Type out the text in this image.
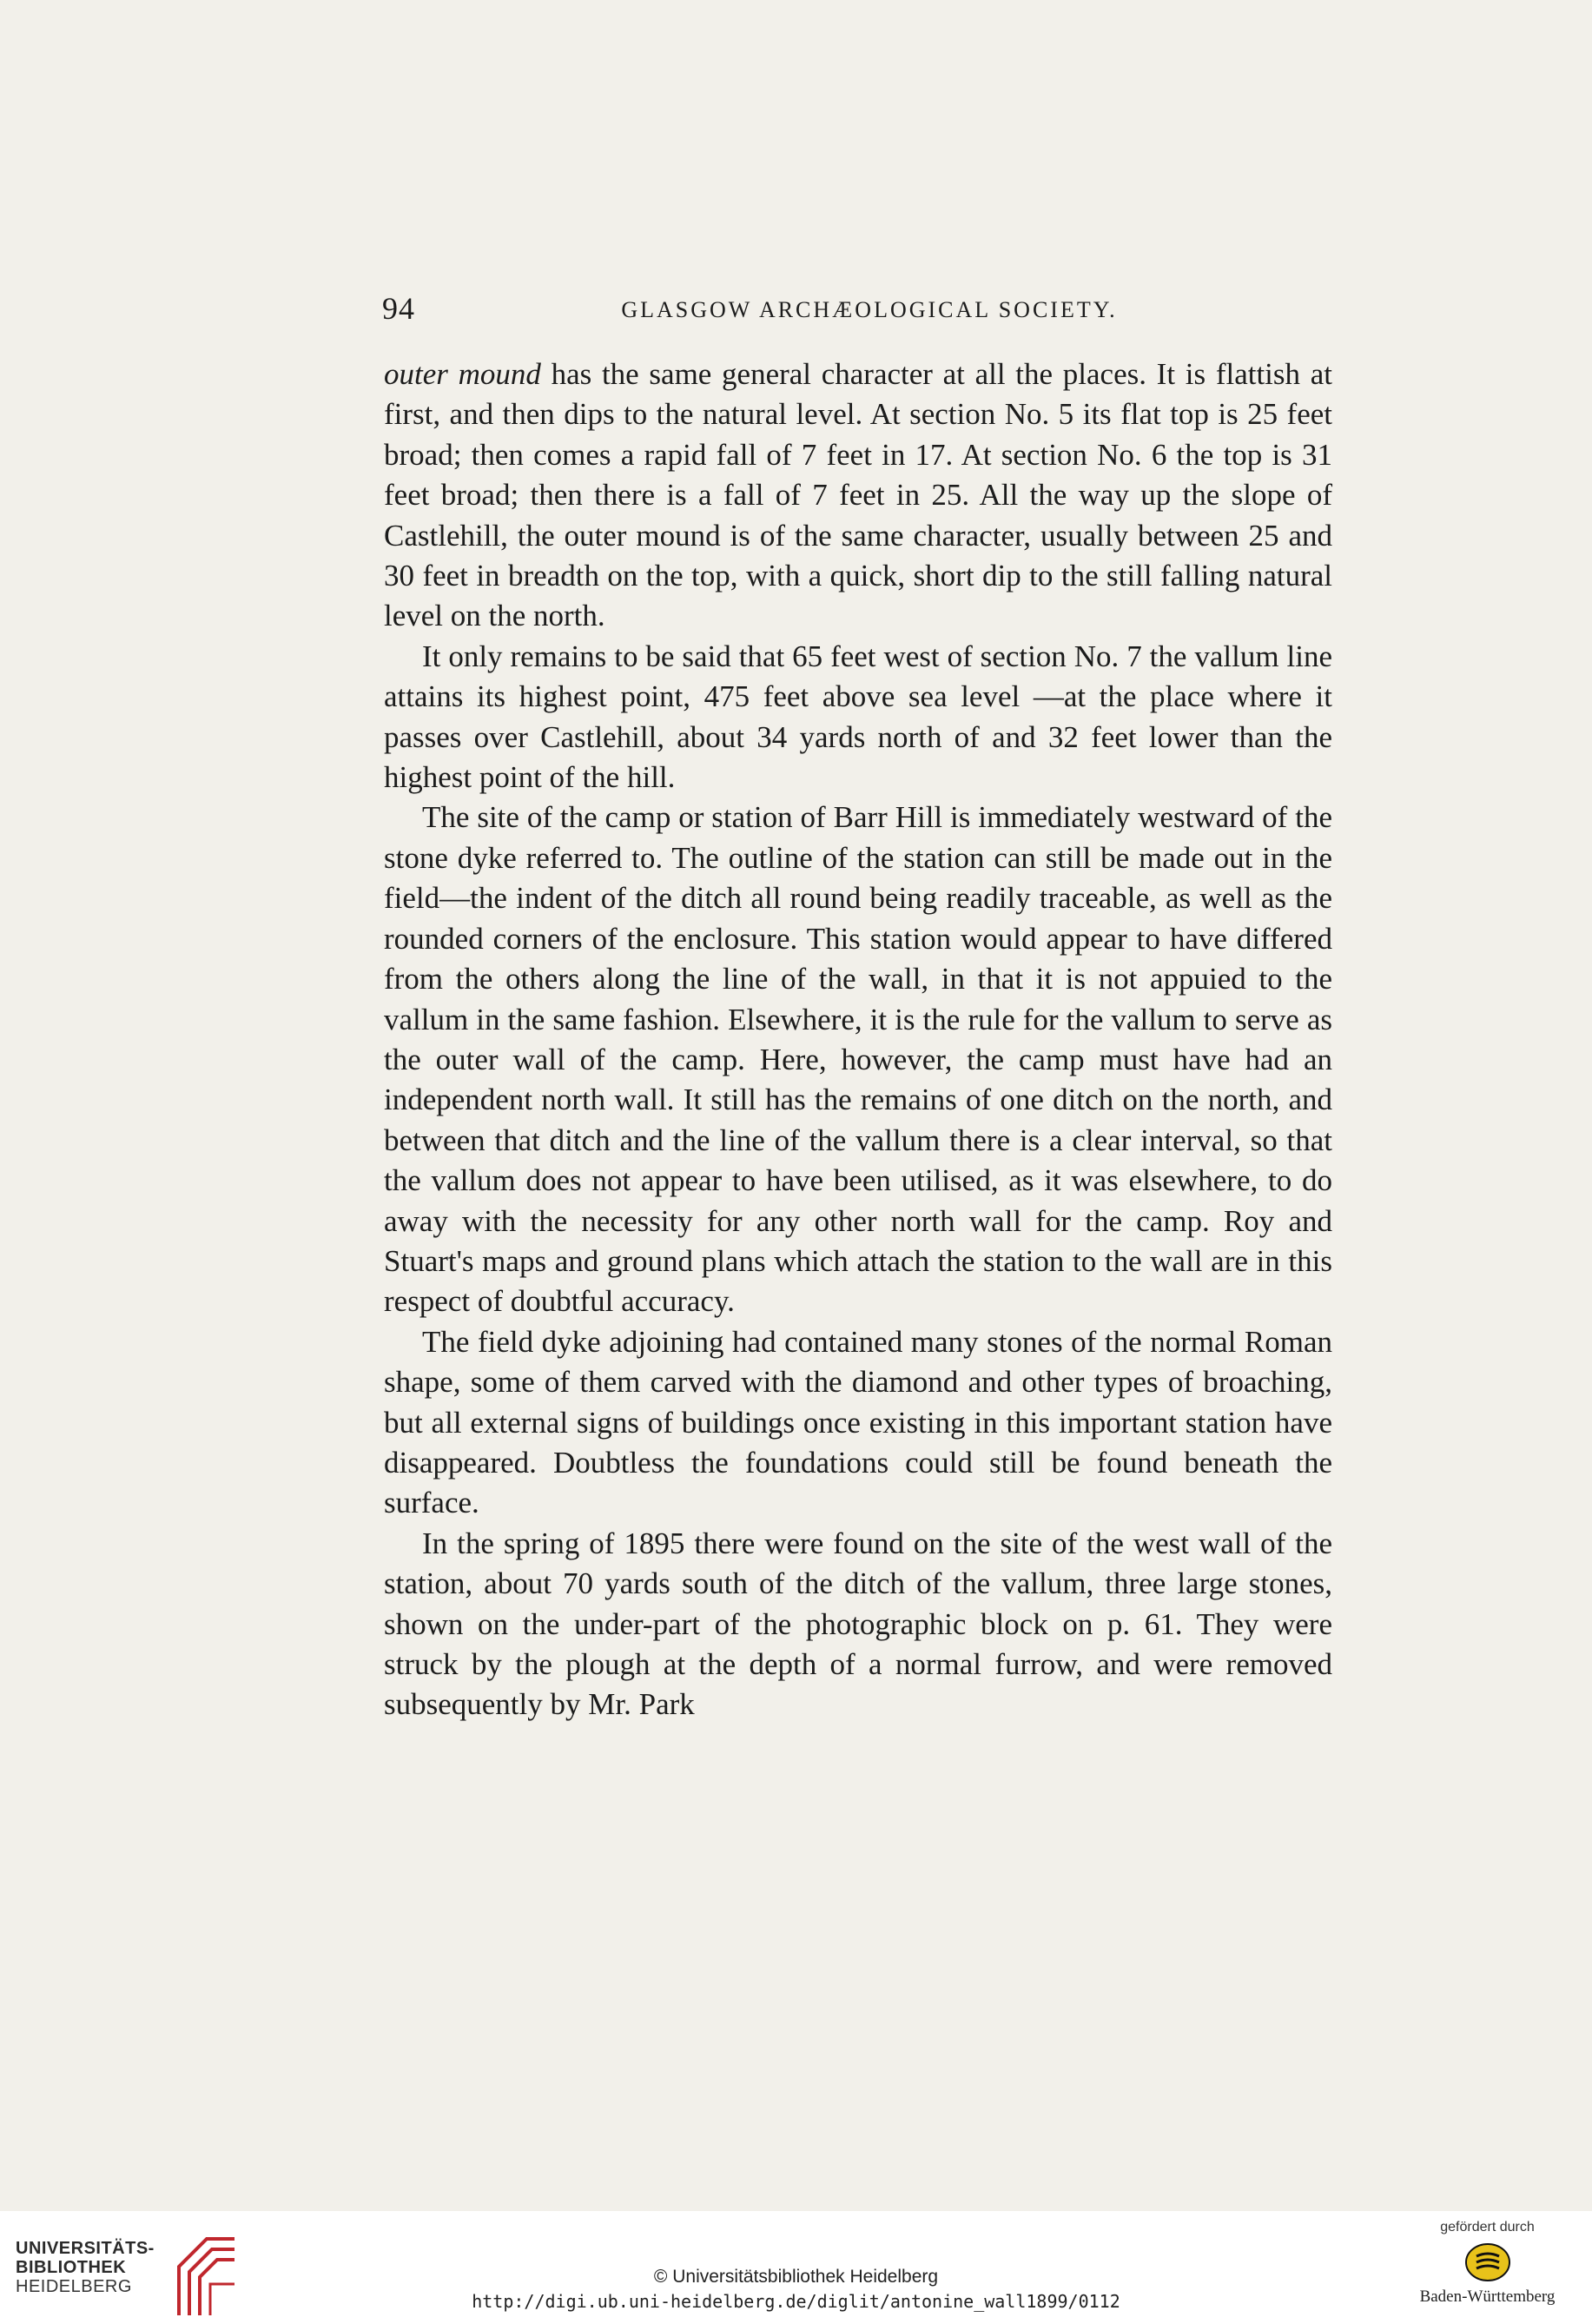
94	GLASGOW ARCHÆOLOGICAL SOCIETY.

outer mound has the same general character at all the places. It is flattish at first, and then dips to the natural level. At section No. 5 its flat top is 25 feet broad; then comes a rapid fall of 7 feet in 17. At section No. 6 the top is 31 feet broad; then there is a fall of 7 feet in 25. All the way up the slope of Castlehill, the outer mound is of the same character, usually between 25 and 30 feet in breadth on the top, with a quick, short dip to the still falling natural level on the north.

It only remains to be said that 65 feet west of section No. 7 the vallum line attains its highest point, 475 feet above sea level —at the place where it passes over Castlehill, about 34 yards north of and 32 feet lower than the highest point of the hill.

The site of the camp or station of Barr Hill is immediately westward of the stone dyke referred to. The outline of the station can still be made out in the field—the indent of the ditch all round being readily traceable, as well as the rounded corners of the enclosure. This station would appear to have differed from the others along the line of the wall, in that it is not appuied to the vallum in the same fashion. Elsewhere, it is the rule for the vallum to serve as the outer wall of the camp. Here, however, the camp must have had an independent north wall. It still has the remains of one ditch on the north, and between that ditch and the line of the vallum there is a clear interval, so that the vallum does not appear to have been utilised, as it was elsewhere, to do away with the necessity for any other north wall for the camp. Roy and Stuart's maps and ground plans which attach the station to the wall are in this respect of doubtful accuracy.

The field dyke adjoining had contained many stones of the normal Roman shape, some of them carved with the diamond and other types of broaching, but all external signs of buildings once existing in this important station have disappeared. Doubtless the foundations could still be found beneath the surface.

In the spring of 1895 there were found on the site of the west wall of the station, about 70 yards south of the ditch of the vallum, three large stones, shown on the under-part of the photographic block on p. 61. They were struck by the plough at the depth of a normal furrow, and were removed subsequently by Mr. Park

UNIVERSITÄTS-
BIBLIOTHEK
HEIDELBERG	© Universitätsbibliothek Heidelberg
http://digi.ub.uni-heidelberg.de/diglit/antonine_wall1899/0112
gefördert durch
Baden-Württemberg
